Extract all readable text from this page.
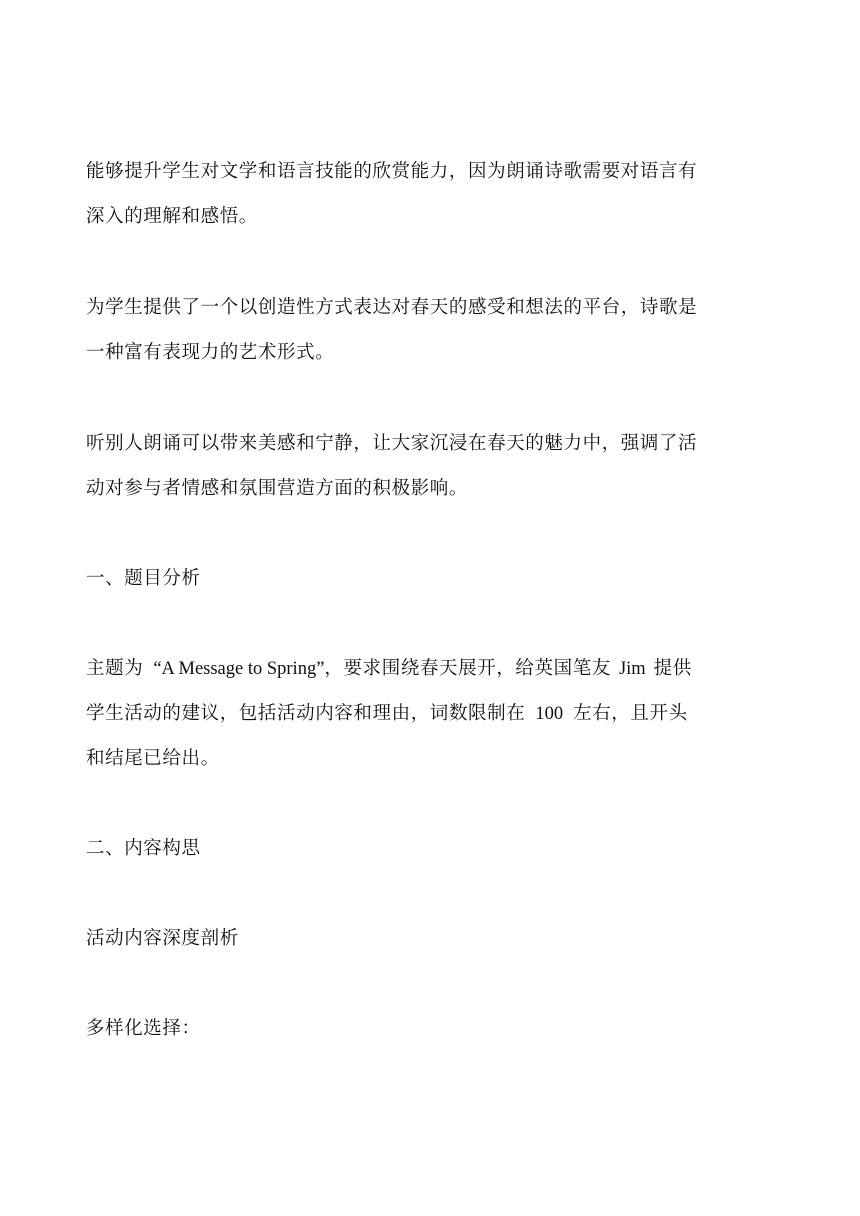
能够提升学生对文学和语言技能的欣赏能力，因为朗诵诗歌需要对语言有
深入的理解和感悟。
为学生提供了一个以创造性方式表达对春天的感受和想法的平台，诗歌是
一种富有表现力的艺术形式。
听别人朗诵可以带来美感和宁静，让大家沉浸在春天的魅力中，强调了活
动对参与者情感和氛围营造方面的积极影响。
一、题目分析
主题为 “A Message to Spring”，要求围绕春天展开，给英国笔友 Jim 提供
学生活动的建议，包括活动内容和理由，词数限制在 100 左右，且开头
和结尾已给出。
二、内容构思
活动内容深度剖析
多样化选择：
